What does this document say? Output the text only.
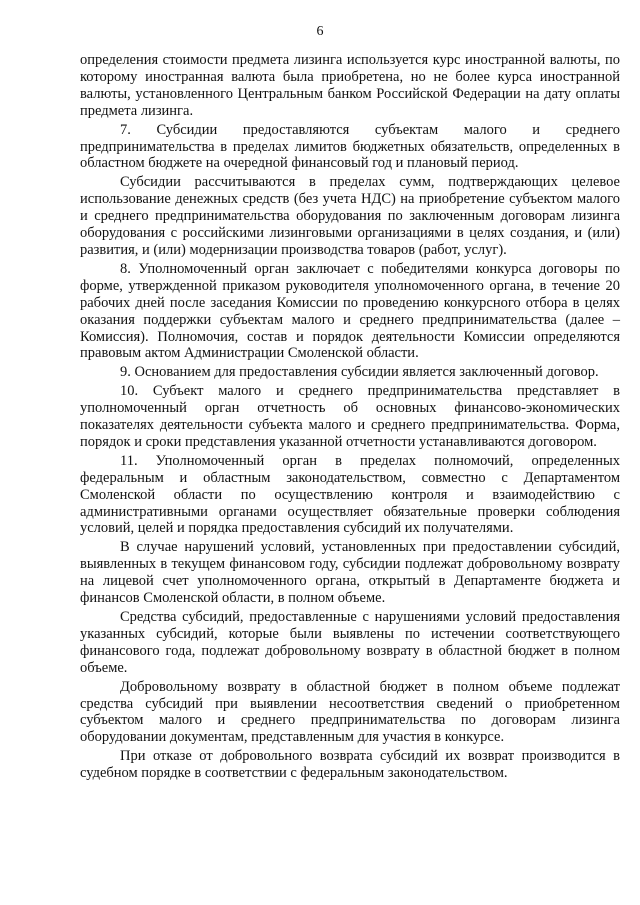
6

определения стоимости предмета лизинга используется курс иностранной валюты, по которому иностранная валюта была приобретена, но не более курса иностранной валюты, установленного Центральным банком Российской Федерации на дату оплаты предмета лизинга.

7. Субсидии предоставляются субъектам малого и среднего предпринимательства в пределах лимитов бюджетных обязательств, определенных в областном бюджете на очередной финансовый год и плановый период.

Субсидии рассчитываются в пределах сумм, подтверждающих целевое использование денежных средств (без учета НДС) на приобретение субъектом малого и среднего предпринимательства оборудования по заключенным договорам лизинга оборудования с российскими лизинговыми организациями в целях создания, и (или) развития, и (или) модернизации производства товаров (работ, услуг).

8. Уполномоченный орган заключает с победителями конкурса договоры по форме, утвержденной приказом руководителя уполномоченного органа, в течение 20 рабочих дней после заседания Комиссии по проведению конкурсного отбора в целях оказания поддержки субъектам малого и среднего предпринимательства (далее – Комиссия). Полномочия, состав и порядок деятельности Комиссии определяются правовым актом Администрации Смоленской области.

9. Основанием для предоставления субсидии является заключенный договор.

10. Субъект малого и среднего предпринимательства представляет в уполномоченный орган отчетность об основных финансово-экономических показателях деятельности субъекта малого и среднего предпринимательства. Форма, порядок и сроки представления указанной отчетности устанавливаются договором.

11. Уполномоченный орган в пределах полномочий, определенных федеральным и областным законодательством, совместно с Департаментом Смоленской области по осуществлению контроля и взаимодействию с административными органами осуществляет обязательные проверки соблюдения условий, целей и порядка предоставления субсидий их получателями.

В случае нарушений условий, установленных при предоставлении субсидий, выявленных в текущем финансовом году, субсидии подлежат добровольному возврату на лицевой счет уполномоченного органа, открытый в Департаменте бюджета и финансов Смоленской области, в полном объеме.

Средства субсидий, предоставленные с нарушениями условий предоставления указанных субсидий, которые были выявлены по истечении соответствующего финансового года, подлежат добровольному возврату в областной бюджет в полном объеме.

Добровольному возврату в областной бюджет в полном объеме подлежат средства субсидий при выявлении несоответствия сведений о приобретенном субъектом малого и среднего предпринимательства по договорам лизинга оборудовании документам, представленным для участия в конкурсе.

При отказе от добровольного возврата субсидий их возврат производится в судебном порядке в соответствии с федеральным законодательством.
